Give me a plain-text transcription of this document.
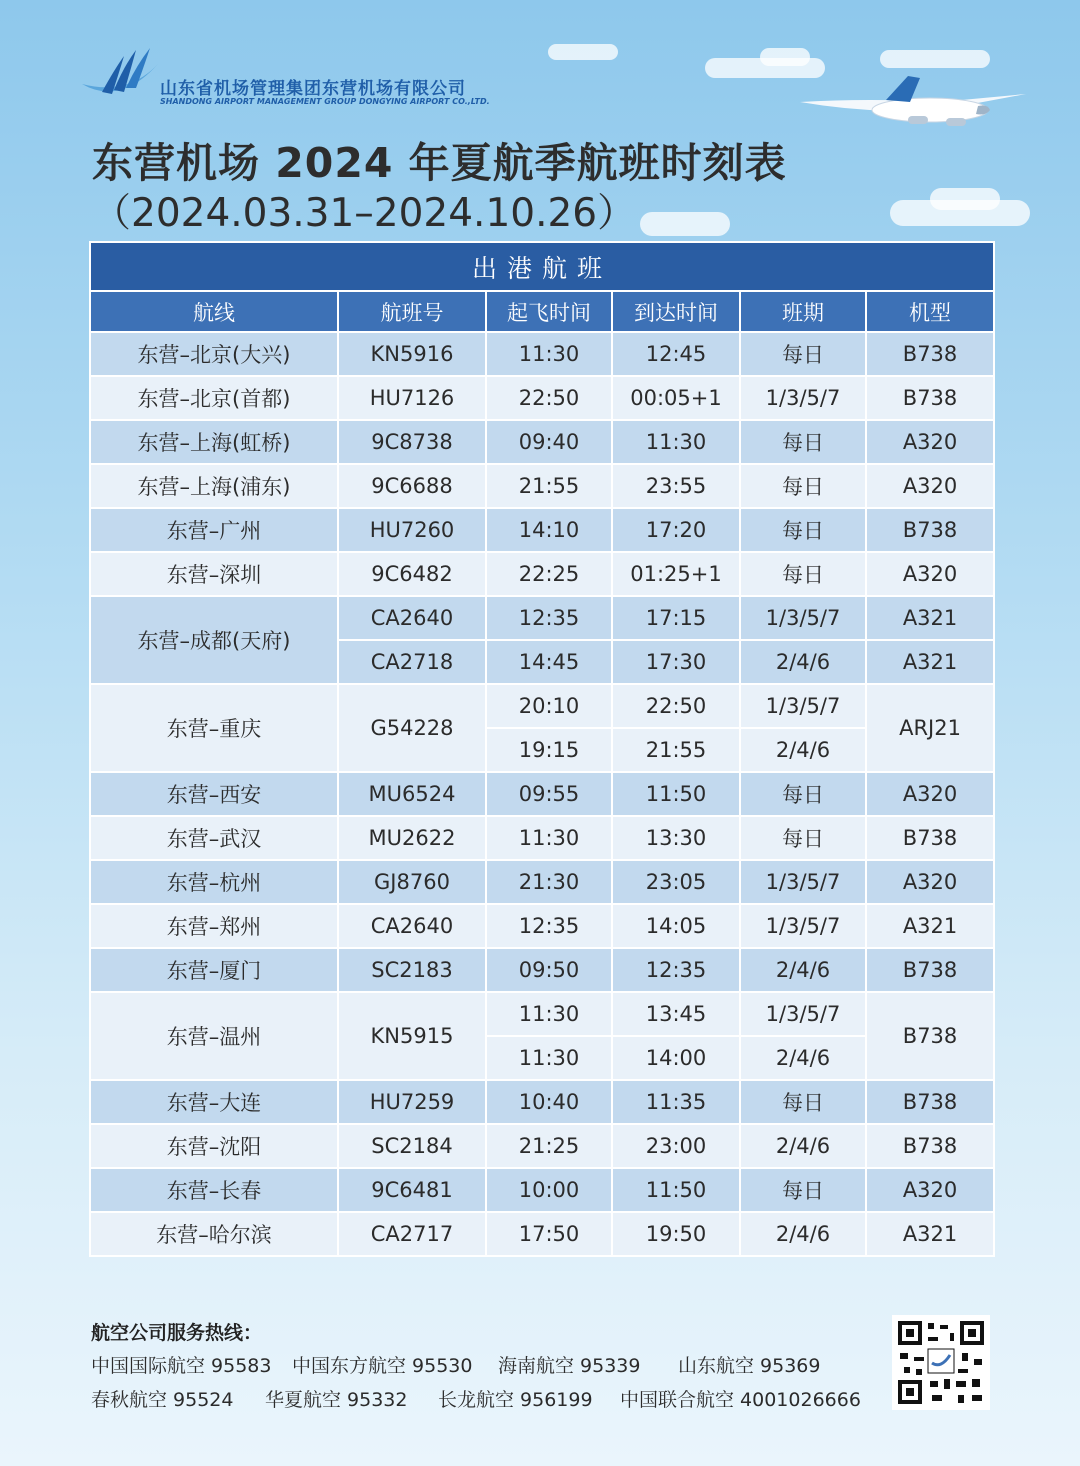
山东省机场管理集团东营机场有限公司
SHANDONG AIRPORT MANAGEMENT GROUP DONGYING AIRPORT CO.,LTD.
东营机场 2024 年夏航季航班时刻表
（2024.03.31–2024.10.26）
出港航班					
航线	航班号	起飞时间	到达时间	班期	机型
东营–北京(大兴)	KN5916	11:30	12:45	每日	B738
东营–北京(首都)	HU7126	22:50	00:05+1	1/3/5/7	B738
东营–上海(虹桥)	9C8738	09:40	11:30	每日	A320
东营–上海(浦东)	9C6688	21:55	23:55	每日	A320
东营–广州	HU7260	14:10	17:20	每日	B738
东营–深圳	9C6482	22:25	01:25+1	每日	A320
东营–成都(天府)	CA2640	12:35	17:15	1/3/5/7	A321
	CA2718	14:45	17:30	2/4/6	A321
东营–重庆	G54228	20:10	22:50	1/3/5/7	ARJ21
		19:15	21:55	2/4/6	
东营–西安	MU6524	09:55	11:50	每日	A320
东营–武汉	MU2622	11:30	13:30	每日	B738
东营–杭州	GJ8760	21:30	23:05	1/3/5/7	A320
东营–郑州	CA2640	12:35	14:05	1/3/5/7	A321
东营–厦门	SC2183	09:50	12:35	2/4/6	B738
东营–温州	KN5915	11:30	13:45	1/3/5/7	B738
		11:30	14:00	2/4/6	
东营–大连	HU7259	10:40	11:35	每日	B738
东营–沈阳	SC2184	21:25	23:00	2/4/6	B738
东营–长春	9C6481	10:00	11:50	每日	A320
东营–哈尔滨	CA2717	17:50	19:50	2/4/6	A321
航空公司服务热线：
中国国际航空 95583 中国东方航空 95530 海南航空 95339 山东航空 95369
春秋航空 95524 华夏航空 95332 长龙航空 956199 中国联合航空 4001026666
